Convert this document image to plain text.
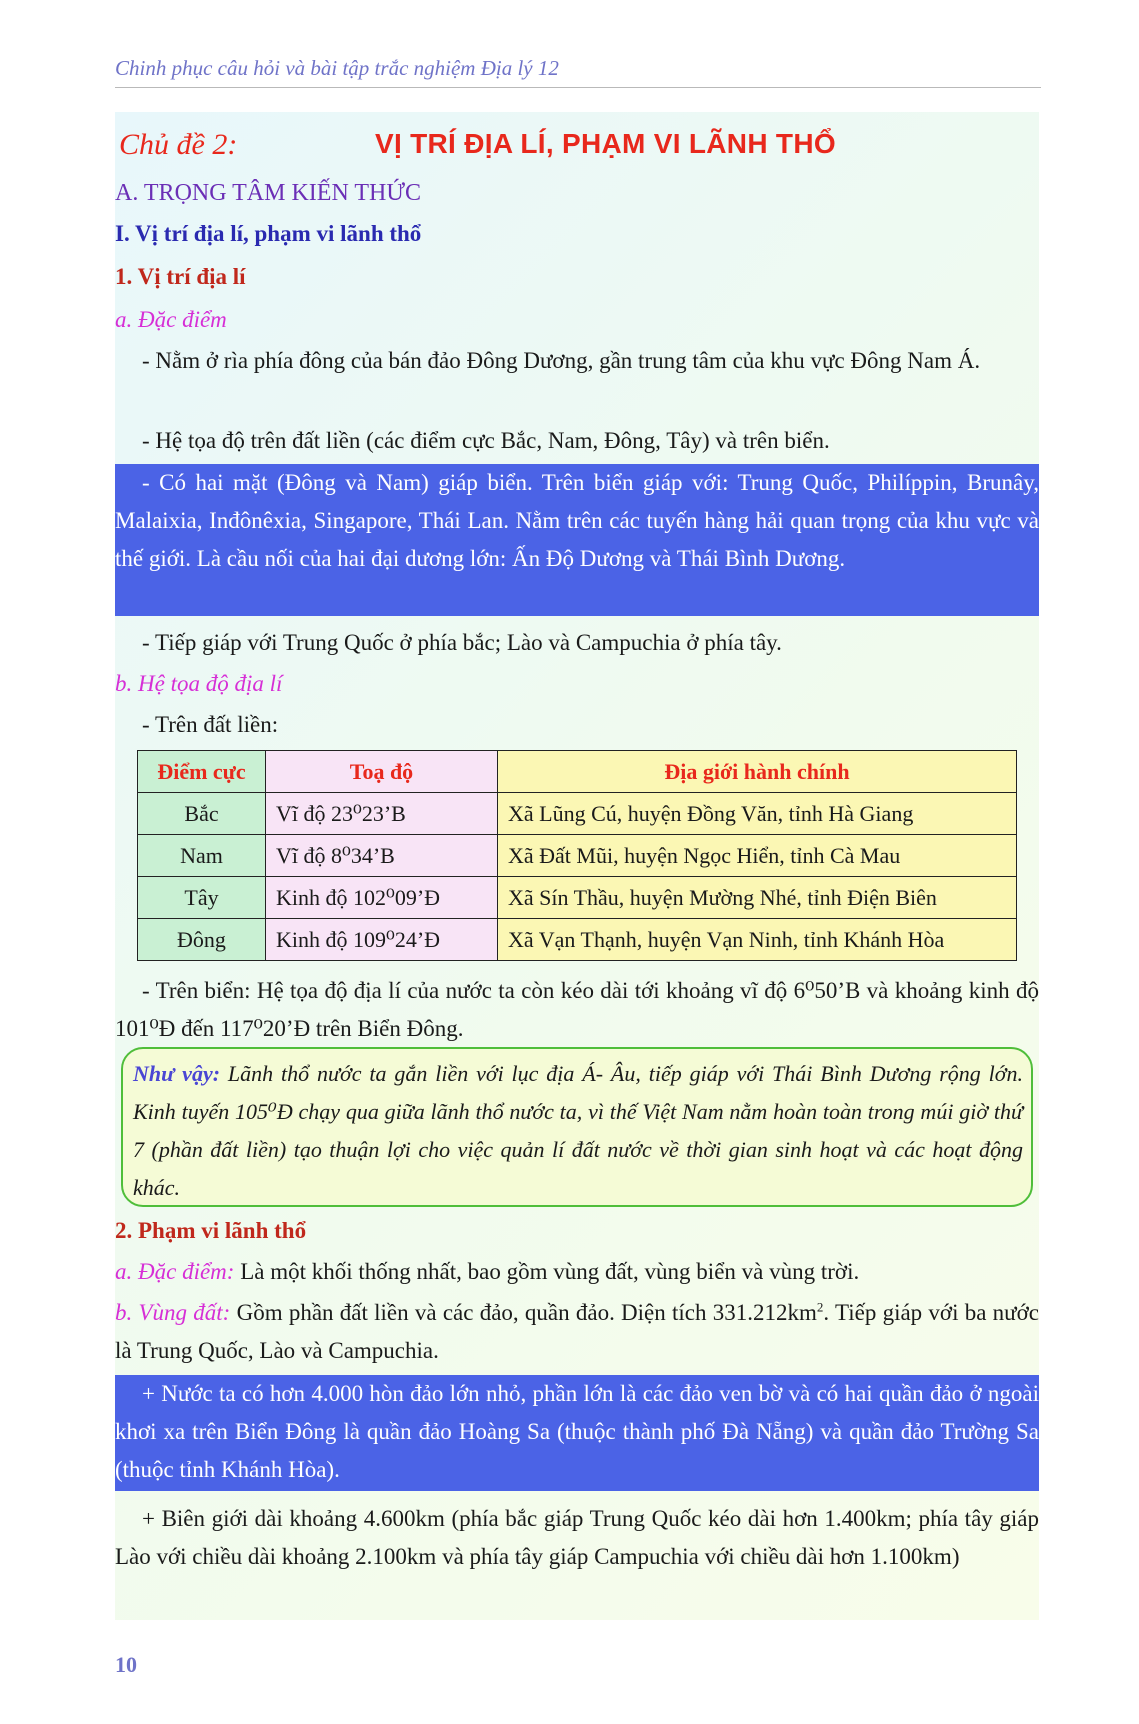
Chinh phục câu hỏi và bài tập trắc nghiệm Địa lý 12
Chủ đề 2:	VỊ TRÍ ĐỊA LÍ, PHẠM VI LÃNH THỔ
A. TRỌNG TÂM KIẾN THỨC
I. Vị trí địa lí, phạm vi lãnh thổ
1. Vị trí địa lí
a. Đặc điểm
- Nằm ở rìa phía đông của bán đảo Đông Dương, gần trung tâm của khu vực Đông Nam Á.
- Hệ tọa độ trên đất liền (các điểm cực Bắc, Nam, Đông, Tây) và trên biển.
- Có hai mặt (Đông và Nam) giáp biển. Trên biển giáp với: Trung Quốc, Philíppin, Brunây, Malaixia, Inđônêxia, Singapore, Thái Lan. Nằm trên các tuyến hàng hải quan trọng của khu vực và thế giới. Là cầu nối của hai đại dương lớn: Ấn Độ Dương và Thái Bình Dương.
- Tiếp giáp với Trung Quốc ở phía bắc; Lào và Campuchia ở phía tây.
b. Hệ tọa độ địa lí
- Trên đất liền:
Điểm cực	Toạ độ	Địa giới hành chính
Bắc	Vĩ độ 23⁰23’B	Xã Lũng Cú, huyện Đồng Văn, tỉnh Hà Giang
Nam	Vĩ độ 8⁰34’B	Xã Đất Mũi, huyện Ngọc Hiển, tỉnh Cà Mau
Tây	Kinh độ 102⁰09’Đ	Xã Sín Thầu, huyện Mường Nhé, tỉnh Điện Biên
Đông	Kinh độ 109⁰24’Đ	Xã Vạn Thạnh, huyện Vạn Ninh, tỉnh Khánh Hòa
- Trên biển: Hệ tọa độ địa lí của nước ta còn kéo dài tới khoảng vĩ độ 6⁰50’B và khoảng kinh độ 101⁰Đ đến 117⁰20’Đ trên Biển Đông.
Như vậy: Lãnh thổ nước ta gắn liền với lục địa Á- Âu, tiếp giáp với Thái Bình Dương rộng lớn. Kinh tuyến 105⁰Đ chạy qua giữa lãnh thổ nước ta, vì thế Việt Nam nằm hoàn toàn trong múi giờ thứ 7 (phần đất liền) tạo thuận lợi cho việc quản lí đất nước về thời gian sinh hoạt và các hoạt động khác.
2. Phạm vi lãnh thổ
a. Đặc điểm: Là một khối thống nhất, bao gồm vùng đất, vùng biển và vùng trời.
b. Vùng đất: Gồm phần đất liền và các đảo, quần đảo. Diện tích $331.212km^2$. Tiếp giáp với ba nước là Trung Quốc, Lào và Campuchia.
+ Nước ta có hơn 4.000 hòn đảo lớn nhỏ, phần lớn là các đảo ven bờ và có hai quần đảo ở ngoài khơi xa trên Biển Đông là quần đảo Hoàng Sa (thuộc thành phố Đà Nẵng) và quần đảo Trường Sa (thuộc tỉnh Khánh Hòa).
+ Biên giới dài khoảng 4.600km (phía bắc giáp Trung Quốc kéo dài hơn 1.400km; phía tây giáp Lào với chiều dài khoảng 2.100km và phía tây giáp Campuchia với chiều dài hơn 1.100km)
10
